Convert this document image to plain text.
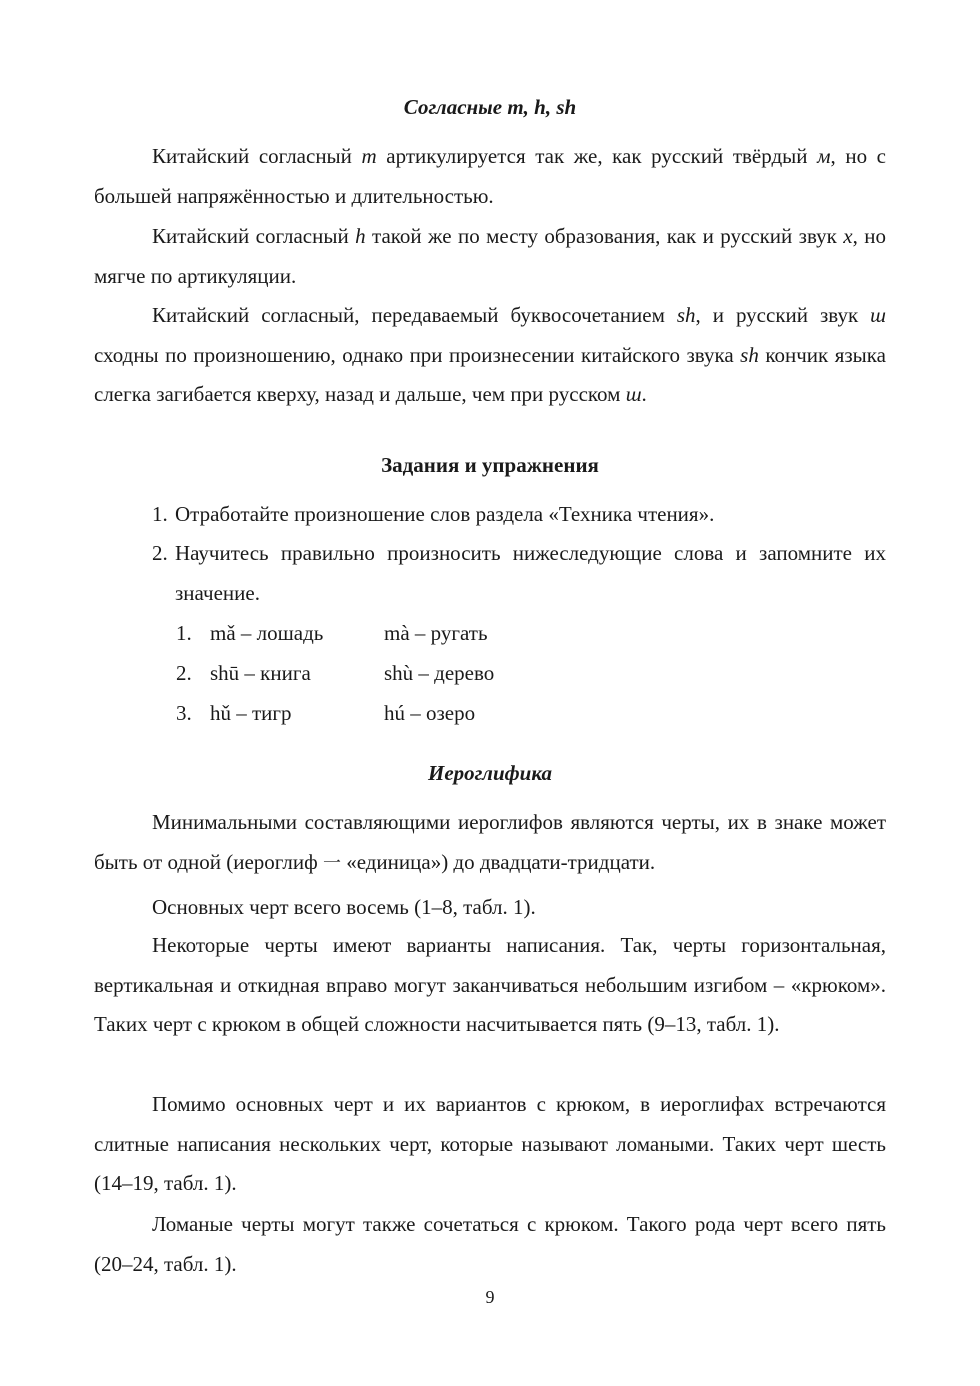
Согласные m, h, sh

Китайский согласный m артикулируется так же, как русский твёрдый м, но с большей напряжённостью и длительностью.

Китайский согласный h такой же по месту образования, как и русский звук х, но мягче по артикуляции.

Китайский согласный, передаваемый буквосочетанием sh, и русский звук ш сходны по произношению, однако при произнесении китайского звука sh кончик языка слегка загибается кверху, назад и дальше, чем при русском ш.

Задания и упражнения
1. Отработайте произношение слов раздела «Техника чтения».
2. Научитесь правильно произносить нижеследующие слова и запомните их значение.
1. mǎ – лошадь	mà – ругать
2. shū – книга	shù – дерево
3. hǔ – тигр	hú – озеро
Иероглифика

Минимальными составляющими иероглифов являются черты, их в знаке может быть от одной (иероглиф 一 «единица») до двадцати-тридцати.

Основных черт всего восемь (1–8, табл. 1).

Некоторые черты имеют варианты написания. Так, черты горизонтальная, вертикальная и откидная вправо могут заканчиваться небольшим изгибом – «крюком». Таких черт с крюком в общей сложности насчитывается пять (9–13, табл. 1).

Помимо основных черт и их вариантов с крюком, в иероглифах встречаются слитные написания нескольких черт, которые называют ломаными. Таких черт шесть (14–19, табл. 1).

Ломаные черты могут также сочетаться с крюком. Такого рода черт всего пять (20–24, табл. 1).

9
